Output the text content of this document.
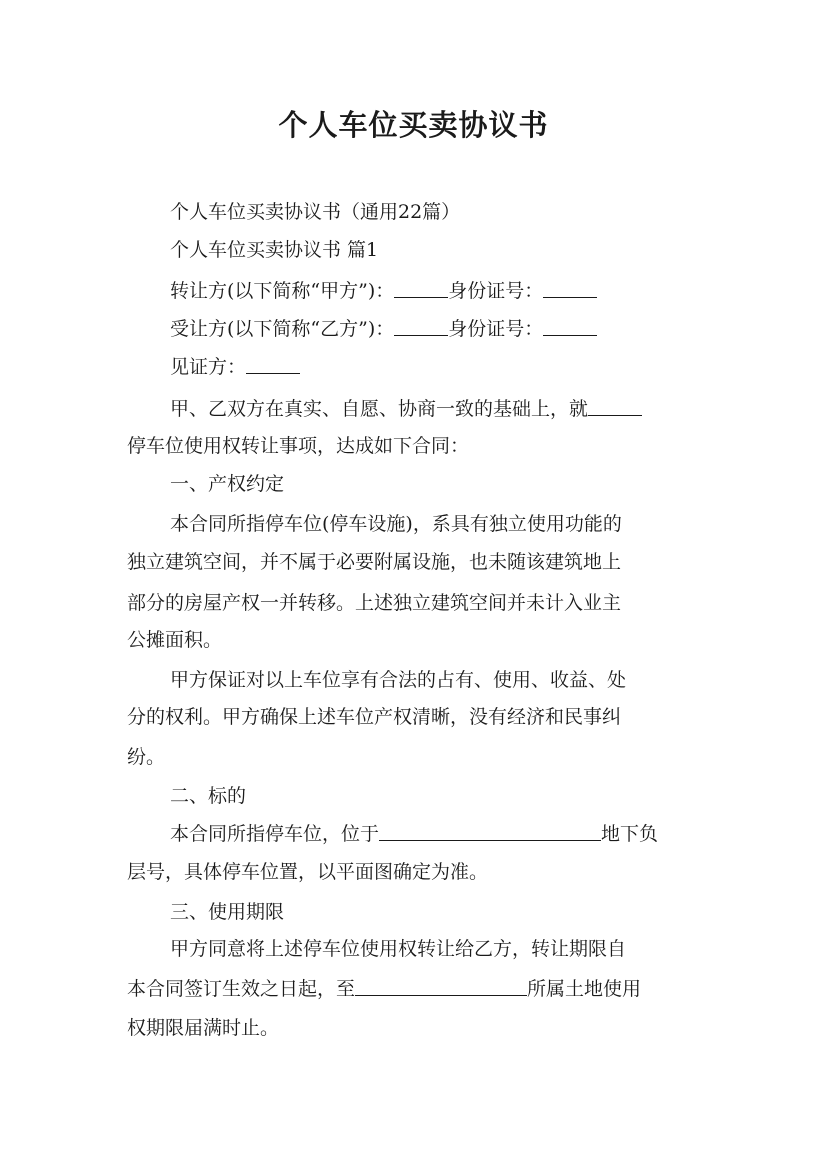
个人车位买卖协议书
个人车位买卖协议书（通用22篇）
个人车位买卖协议书 篇1
转让方(以下简称“甲方”)：	身份证号：
受让方(以下简称“乙方”)：	身份证号：
见证方：
甲、乙双方在真实、自愿、协商一致的基础上，就
停车位使用权转让事项，达成如下合同：
一、产权约定
本合同所指停车位(停车设施)，系具有独立使用功能的
独立建筑空间，并不属于必要附属设施，也未随该建筑地上
部分的房屋产权一并转移。上述独立建筑空间并未计入业主
公摊面积。
甲方保证对以上车位享有合法的占有、使用、收益、处
分的权利。甲方确保上述车位产权清晰，没有经济和民事纠
纷。
二、标的
本合同所指停车位，位于	地下负
层号，具体停车位置，以平面图确定为准。
三、使用期限
甲方同意将上述停车位使用权转让给乙方，转让期限自
本合同签订生效之日起，至	所属土地使用
权期限届满时止。
